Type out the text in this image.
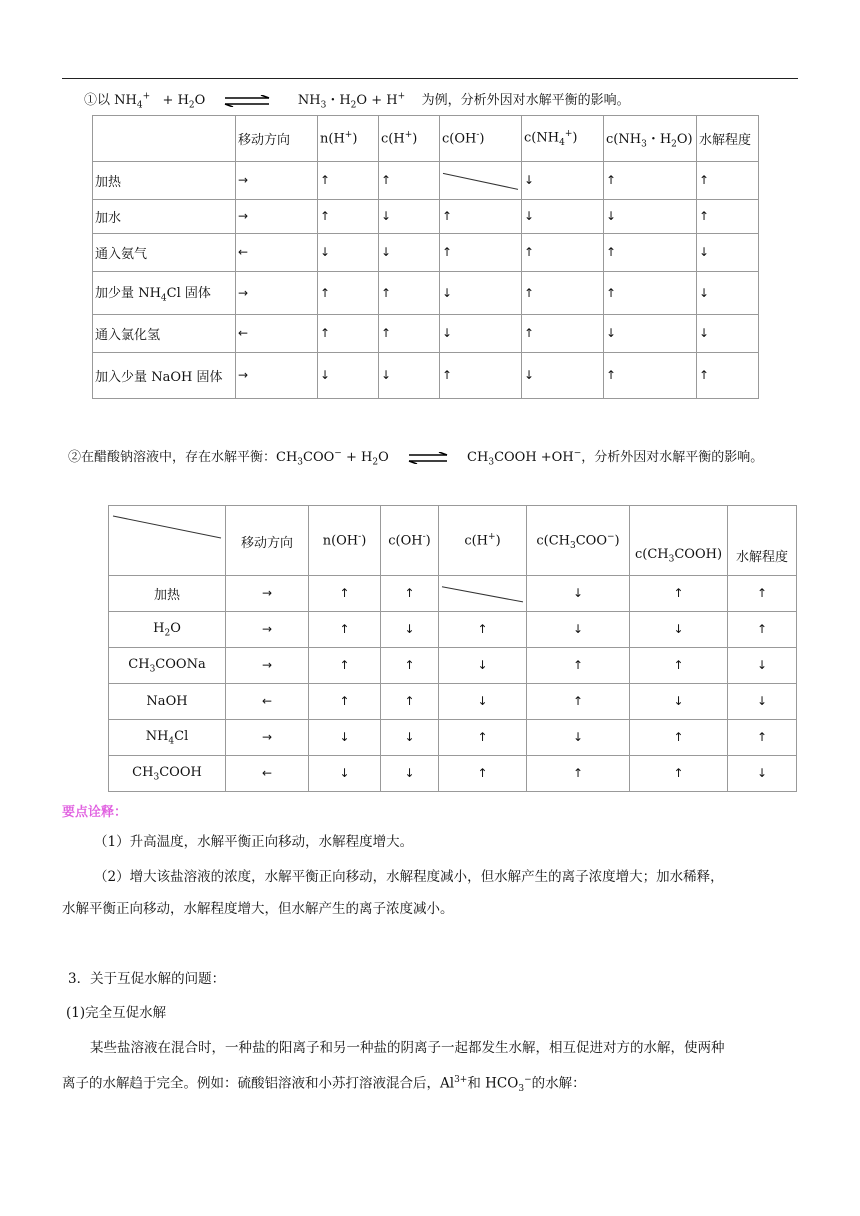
①以 $NH_4^+ + H_2O$ ⇌ $NH_3$・$H_2O + H^+$ 为例，分析外因对水解平衡的影响。
	移动方向	n(H+)	c(H+)	c(OH-)	$c(NH_4^+)$	$c(NH_3$・$H_2O$)	水解程度
加热	→	↑	↑		↓	↑	↑
加水	→	↑	↓	↑	↓	↓	↑
通入氨气	←	↓	↓	↑	↑	↑	↓
加少量 $NH_4Cl$ 固体	→	↑	↑	↓	↑	↑	↓
通入氯化氢	←	↑	↑	↓	↑	↓	↓
加入少量 NaOH 固体	→	↓	↓	↑	↓	↑	↑
②在醋酸钠溶液中，存在水解平衡：$CH_3COO^- + H_2O$ ⇌ $CH_3COOH +OH^-$，分析外因对水解平衡的影响。
	移动方向	n(OH-)	c(OH-)	c(H+)	$c(CH_3COO^-)$	$c(CH_3COOH)$	水解程度
加热	→	↑	↑		↓	↑	↑
$H_2O$	→	↑	↓	↑	↓	↓	↑
$CH_3COONa$	→	↑	↑	↓	↑	↑	↓
NaOH	←	↑	↑	↓	↑	↓	↓
$NH_4Cl$	→	↓	↓	↑	↓	↑	↑
$CH_3COOH$	←	↓	↓	↑	↑	↑	↓
要点诠释：
（1）升高温度，水解平衡正向移动，水解程度增大。
（2）增大该盐溶液的浓度，水解平衡正向移动，水解程度减小，但水解产生的离子浓度增大；加水稀释，
水解平衡正向移动，水解程度增大，但水解产生的离子浓度减小。
3．关于互促水解的问题：
(1)完全互促水解
某些盐溶液在混合时，一种盐的阳离子和另一种盐的阴离子一起都发生水解，相互促进对方的水解，使两种
离子的水解趋于完全。例如：硫酸铝溶液和小苏打溶液混合后，$Al^{3+}$和 $HCO_3^-$的水解：
